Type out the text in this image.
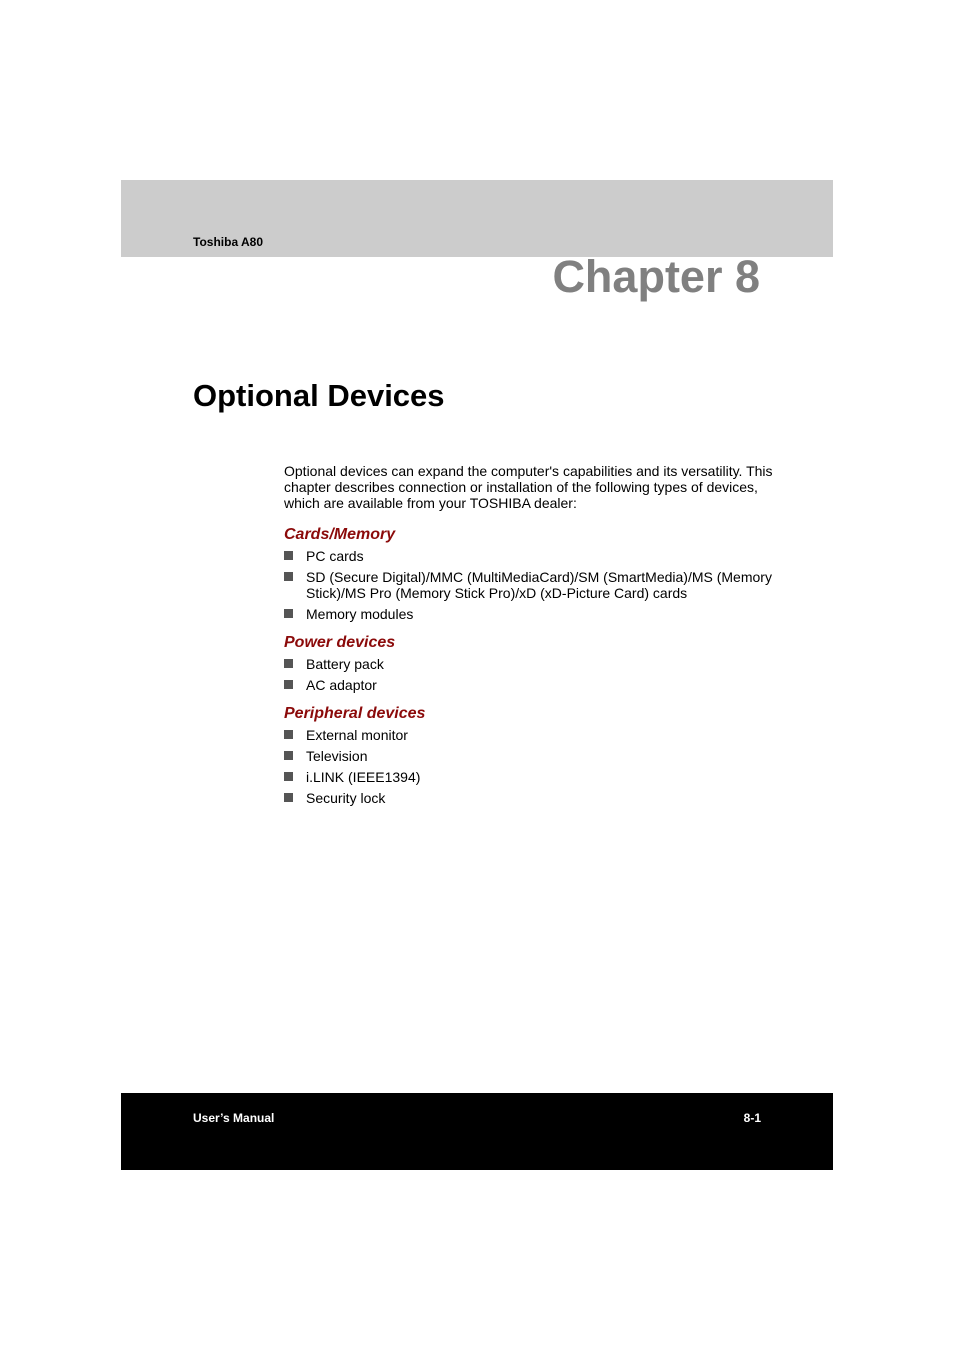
Toshiba A80
Chapter 8
Optional Devices

Optional devices can expand the computer's capabilities and its versatility. This chapter describes connection or installation of the following types of devices, which are available from your TOSHIBA dealer:

Cards/Memory
PC cards
SD (Secure Digital)/MMC (MultiMediaCard)/SM (SmartMedia)/MS (Memory Stick)/MS Pro (Memory Stick Pro)/xD (xD-Picture Card) cards
Memory modules
Power devices
Battery pack
AC adaptor
Peripheral devices
External monitor
Television
i.LINK (IEEE1394)
Security lock
User’s Manual	8-1
